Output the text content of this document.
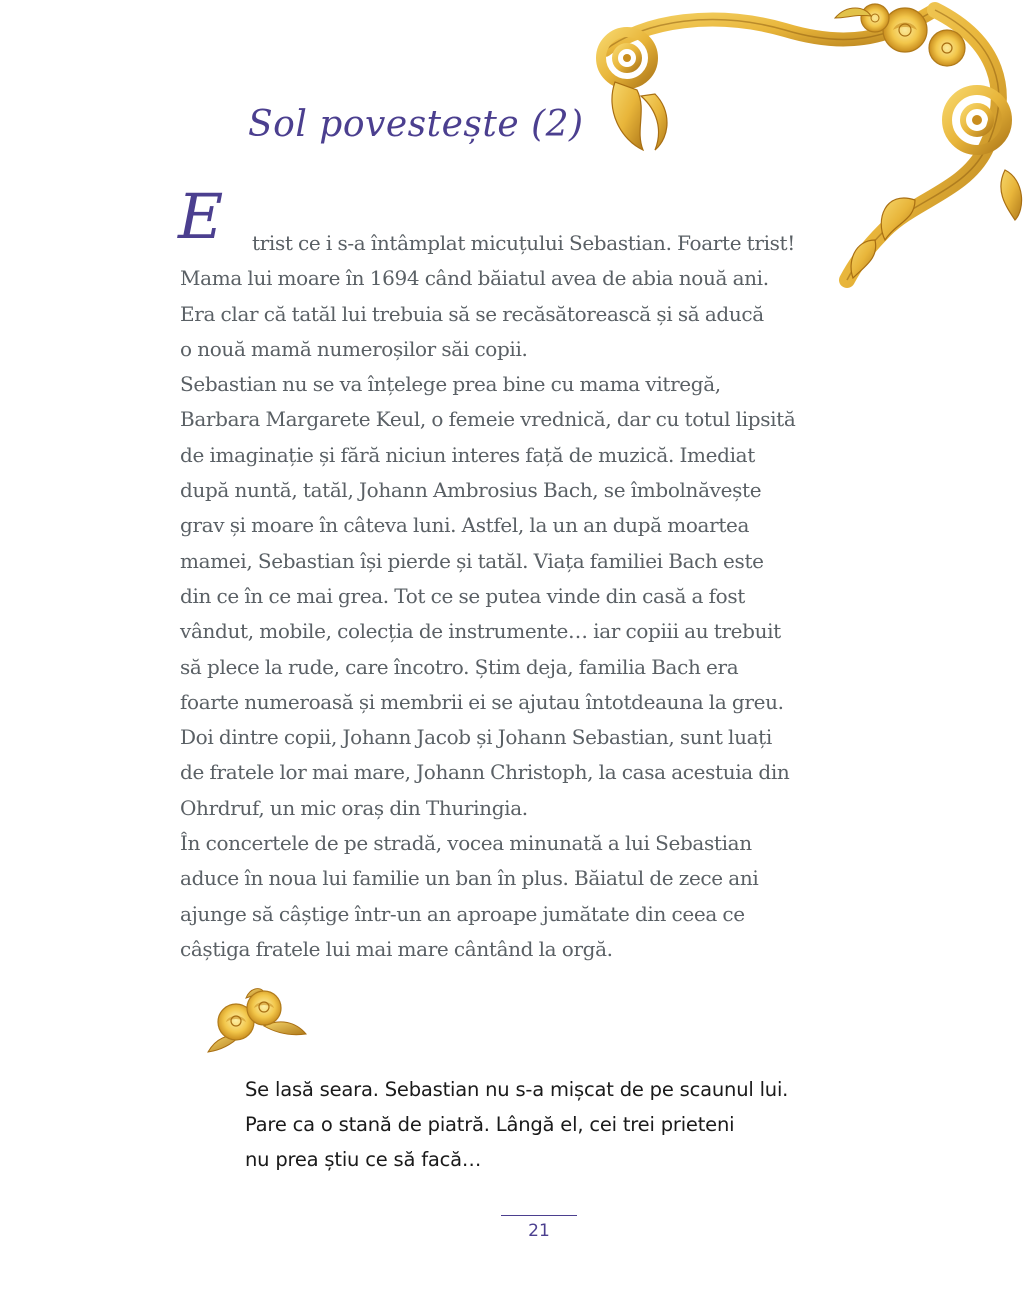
Sol povestește (2)
E trist ce i s-a întâmplat micuțului Sebastian. Foarte trist!
Mama lui moare în 1694 când băiatul avea de abia nouă ani.
Era clar că tatăl lui trebuia să se recăsătorească și să aducă
o nouă mamă numeroșilor săi copii.
Sebastian nu se va înțelege prea bine cu mama vitregă,
Barbara Margarete Keul, o femeie vrednică, dar cu totul lipsită
de imaginație și fără niciun interes față de muzică. Imediat
după nuntă, tatăl, Johann Ambrosius Bach, se îmbolnăvește
grav și moare în câteva luni. Astfel, la un an după moartea
mamei, Sebastian își pierde și tatăl. Viața familiei Bach este
din ce în ce mai grea. Tot ce se putea vinde din casă a fost
vândut, mobile, colecția de instrumente… iar copiii au trebuit
să plece la rude, care încotro. Știm deja, familia Bach era
foarte numeroasă și membrii ei se ajutau întotdeauna la greu.
Doi dintre copii, Johann Jacob și Johann Sebastian, sunt luați
de fratele lor mai mare, Johann Christoph, la casa acestuia din
Ohrdruf, un mic oraș din Thuringia.
În concertele de pe stradă, vocea minunată a lui Sebastian
aduce în noua lui familie un ban în plus. Băiatul de zece ani
ajunge să câștige într-un an aproape jumătate din ceea ce
câștiga fratele lui mai mare cântând la orgă.
Se lasă seara. Sebastian nu s-a mișcat de pe scaunul lui.
Pare ca o stană de piatră. Lângă el, cei trei prieteni
nu prea știu ce să facă…
21
